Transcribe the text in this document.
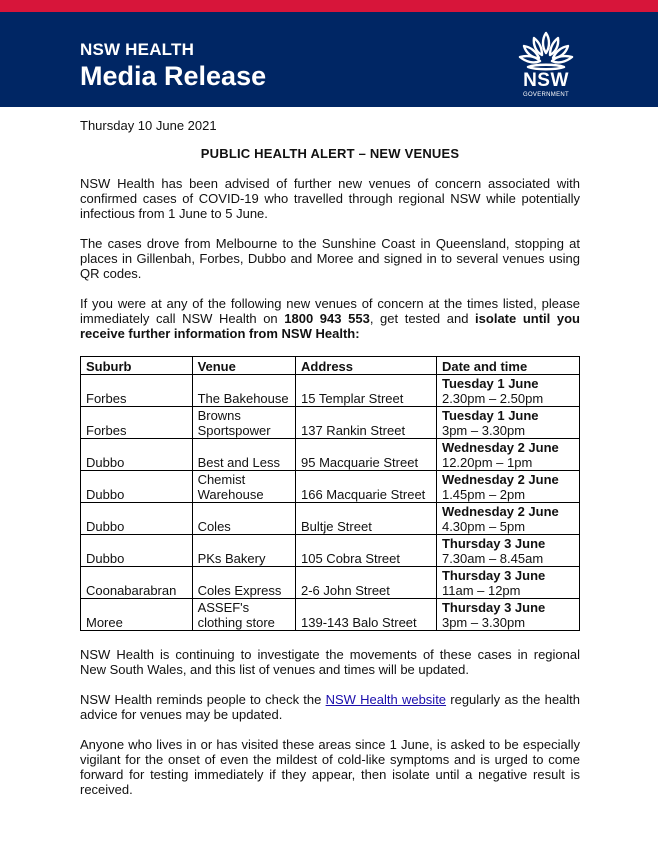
NSW HEALTH
Media Release	NSW
GOVERNMENT
Thursday 10 June 2021
PUBLIC HEALTH ALERT – NEW VENUES

NSW Health has been advised of further new venues of concern associated with confirmed cases of COVID-19 who travelled through regional NSW while potentially infectious from 1 June to 5 June.

The cases drove from Melbourne to the Sunshine Coast in Queensland, stopping at places in Gillenbah, Forbes, Dubbo and Moree and signed in to several venues using QR codes.

If you were at any of the following new venues of concern at the times listed, please immediately call NSW Health on 1800 943 553, get tested and isolate until you receive further information from NSW Health:

Suburb	Venue	Address	Date and time
Forbes	The Bakehouse	15 Templar Street	Tuesday 1 June
2.30pm – 2.50pm
Forbes	Browns Sportspower	137 Rankin Street	Tuesday 1 June
3pm – 3.30pm
Dubbo	Best and Less	95 Macquarie Street	Wednesday 2 June
12.20pm – 1pm
Dubbo	Chemist Warehouse	166 Macquarie Street	Wednesday 2 June
1.45pm – 2pm
Dubbo	Coles	Bultje Street	Wednesday 2 June
4.30pm – 5pm
Dubbo	PKs Bakery	105 Cobra Street	Thursday 3 June
7.30am – 8.45am
Coonabarabran	Coles Express	2-6 John Street	Thursday 3 June
11am – 12pm
Moree	ASSEF's clothing store	139-143 Balo Street	Thursday 3 June
3pm – 3.30pm

NSW Health is continuing to investigate the movements of these cases in regional New South Wales, and this list of venues and times will be updated.

NSW Health reminds people to check the NSW Health website regularly as the health advice for venues may be updated.

Anyone who lives in or has visited these areas since 1 June, is asked to be especially vigilant for the onset of even the mildest of cold-like symptoms and is urged to come forward for testing immediately if they appear, then isolate until a negative result is received.
